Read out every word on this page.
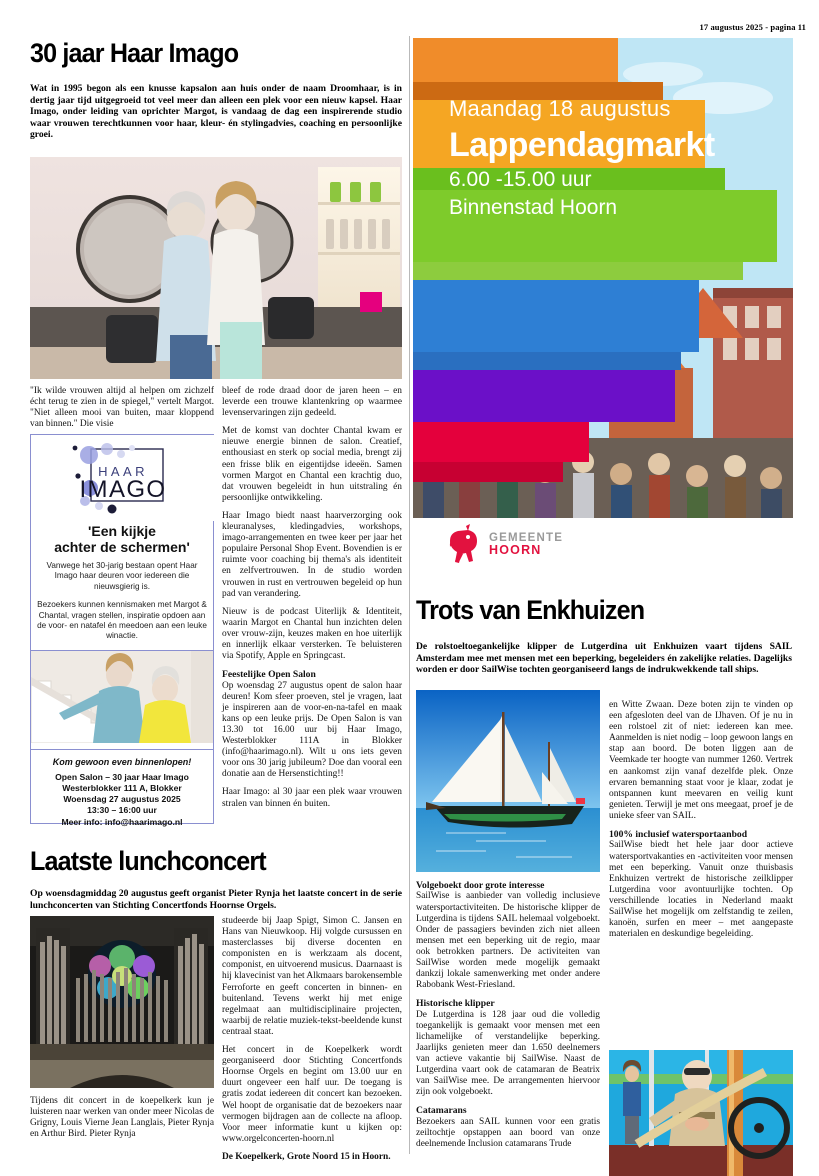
17 augustus 2025 - pagina 11
30 jaar Haar Imago
Wat in 1995 begon als een knusse kapsalon aan huis onder de naam Droomhaar, is in dertig jaar tijd uitgegroeid tot veel meer dan alleen een plek voor een nieuw kapsel. Haar Imago, onder leiding van oprichter Margot, is vandaag de dag een inspirerende studio waar vrouwen terechtkunnen voor haar, kleur- én stylingadvies, coaching en persoonlijke groei.

"Ik wilde vrouwen altijd al helpen om zichzelf écht terug te zien in de spiegel," vertelt Margot. "Niet alleen mooi van buiten, maar kloppend van binnen." Die visie

HAAR
IMAGO
'Een kijkje
achter de schermen'

Vanwege het 30-jarig bestaan opent Haar Imago haar deuren voor iedereen die nieuwsgierig is.

Bezoekers kunnen kennismaken met Margot & Chantal, vragen stellen, inspiratie opdoen aan de voor- en natafel én meedoen aan een leuke winactie.

Kom gewoon even binnenlopen!
Open Salon – 30 jaar Haar Imago
Westerblokker 111 A, Blokker
Woensdag 27 augustus 2025
13:30 – 16:00 uur
Meer info: info@haarimago.nl

bleef de rode draad door de jaren heen – en leverde een trouwe klantenkring op waarmee levenservaringen zijn gedeeld.

Met de komst van dochter Chantal kwam er nieuwe energie binnen de salon. Creatief, enthousiast en sterk op social media, brengt zij een frisse blik en eigentijdse ideeën. Samen vormen Margot en Chantal een krachtig duo, dat vrouwen begeleidt in hun uitstraling én persoonlijke ontwikkeling.

Haar Imago biedt naast haarverzorging ook kleuranalyses, kledingadvies, workshops, imago-arrangementen en twee keer per jaar het populaire Personal Shop Event. Bovendien is er ruimte voor coaching bij thema's als identiteit en zelfvertrouwen. In de studio worden vrouwen in rust en vertrouwen begeleid op hun pad van verandering.

Nieuw is de podcast Uiterlijk & Identiteit, waarin Margot en Chantal hun inzichten delen over vrouw-zijn, keuzes maken en hoe uiterlijk en innerlijk elkaar versterken. Te beluisteren via Spotify, Apple en Springcast.

Feestelijke Open Salon

Op woensdag 27 augustus opent de salon haar deuren! Kom sfeer proeven, stel je vragen, laat je inspireren aan de voor-en-na-tafel en maak kans op een leuke prijs. De Open Salon is van 13.30 tot 16.00 uur bij Haar Imago, Westerblokker 111A in Blokker (info@haarimago.nl). Wilt u ons iets geven voor ons 30 jarig jubileum? Doe dan vooral een donatie aan de Hersenstichting!!

Haar Imago: al 30 jaar een plek waar vrouwen stralen van binnen én buiten.

Laatste lunchconcert
Op woensdagmiddag 20 augustus geeft organist Pieter Rynja het laatste concert in de serie lunchconcerten van Stichting Concertfonds Hoornse Orgels.

Tijdens dit concert in de koepelkerk kun je luisteren naar werken van onder meer Nicolas de Grigny, Louis Vierne Jean Langlais, Pieter Rynja en Arthur Bird. Pieter Rynja

studeerde bij Jaap Spigt, Simon C. Jansen en Hans van Nieuwkoop. Hij volgde cursussen en masterclasses bij diverse docenten en componisten en is werkzaam als docent, componist, en uitvoerend musicus. Daarnaast is hij klavecinist van het Alkmaars barokensemble Ferroforte en geeft concerten in binnen- en buitenland. Tevens werkt hij met enige regelmaat aan multidisciplinaire projecten, waarbij de relatie muziek-tekst-beeldende kunst centraal staat.

Het concert in de Koepelkerk wordt georganiseerd door Stichting Concertfonds Hoornse Orgels en begint om 13.00 uur en duurt ongeveer een half uur. De toegang is gratis zodat iedereen dit concert kan bezoeken. Wel hoopt de organisatie dat de bezoekers naar vermogen bijdragen aan de collecte na afloop. Voor meer informatie kunt u kijken op: www.orgelconcerten-hoorn.nl

De Koepelkerk, Grote Noord 15 in Hoorn.

Maandag 18 augustus
Lappendagmarkt
6.00 -15.00 uur
Binnenstad Hoorn
GEMEENTE
HOORN
Trots van Enkhuizen
De rolstoeltoegankelijke klipper de Lutgerdina uit Enkhuizen vaart tijdens SAIL Amsterdam mee met mensen met een beperking, begeleiders én zakelijke relaties. Dagelijks worden er door SailWise tochten georganiseerd langs de indrukwekkende tall ships.
Volgeboekt door grote interesse

SailWise is aanbieder van volledig inclusieve watersportactiviteiten. De historische klipper de Lutgerdina is tijdens SAIL helemaal volgeboekt. Onder de passagiers bevinden zich niet alleen mensen met een beperking uit de regio, maar ook betrokken partners. De activiteiten van SailWise worden mede mogelijk gemaakt dankzij lokale samenwerking met onder andere Rabobank West-Friesland.

Historische klipper

De Lutgerdina is 128 jaar oud die volledig toegankelijk is gemaakt voor mensen met een lichamelijke of verstandelijke beperking. Jaarlijks genieten meer dan 1.650 deelnemers van actieve vakantie bij SailWise. Naast de Lutgerdina vaart ook de catamaran de Beatrix van SailWise mee. De arrangementen hiervoor zijn ook volgeboekt.

Catamarans

Bezoekers aan SAIL kunnen voor een gratis zeiltochtje opstappen aan boord van onze deelnemende Inclusion catamarans Trude

en Witte Zwaan. Deze boten zijn te vinden op een afgesloten deel van de IJhaven. Of je nu in een rolstoel zit of niet: iedereen kan mee. Aanmelden is niet nodig – loop gewoon langs en stap aan boord. De boten liggen aan de Veemkade ter hoogte van nummer 1260. Vertrek en aankomst zijn vanaf dezelfde plek. Onze ervaren bemanning staat voor je klaar, zodat je ontspannen kunt meevaren en veilig kunt genieten. Terwijl je met ons meegaat, proef je de unieke sfeer van SAIL.

100% inclusief watersportaanbod

SailWise biedt het hele jaar door actieve watersportvakanties en -activiteiten voor mensen met een beperking. Vanuit onze thuisbasis Enkhuizen vertrekt de historische zeilklipper Lutgerdina voor avontuurlijke tochten. Op verschillende locaties in Nederland maakt SailWise het mogelijk om zelfstandig te zeilen, kanoën, surfen en meer – met aangepaste materialen en deskundige begeleiding.
